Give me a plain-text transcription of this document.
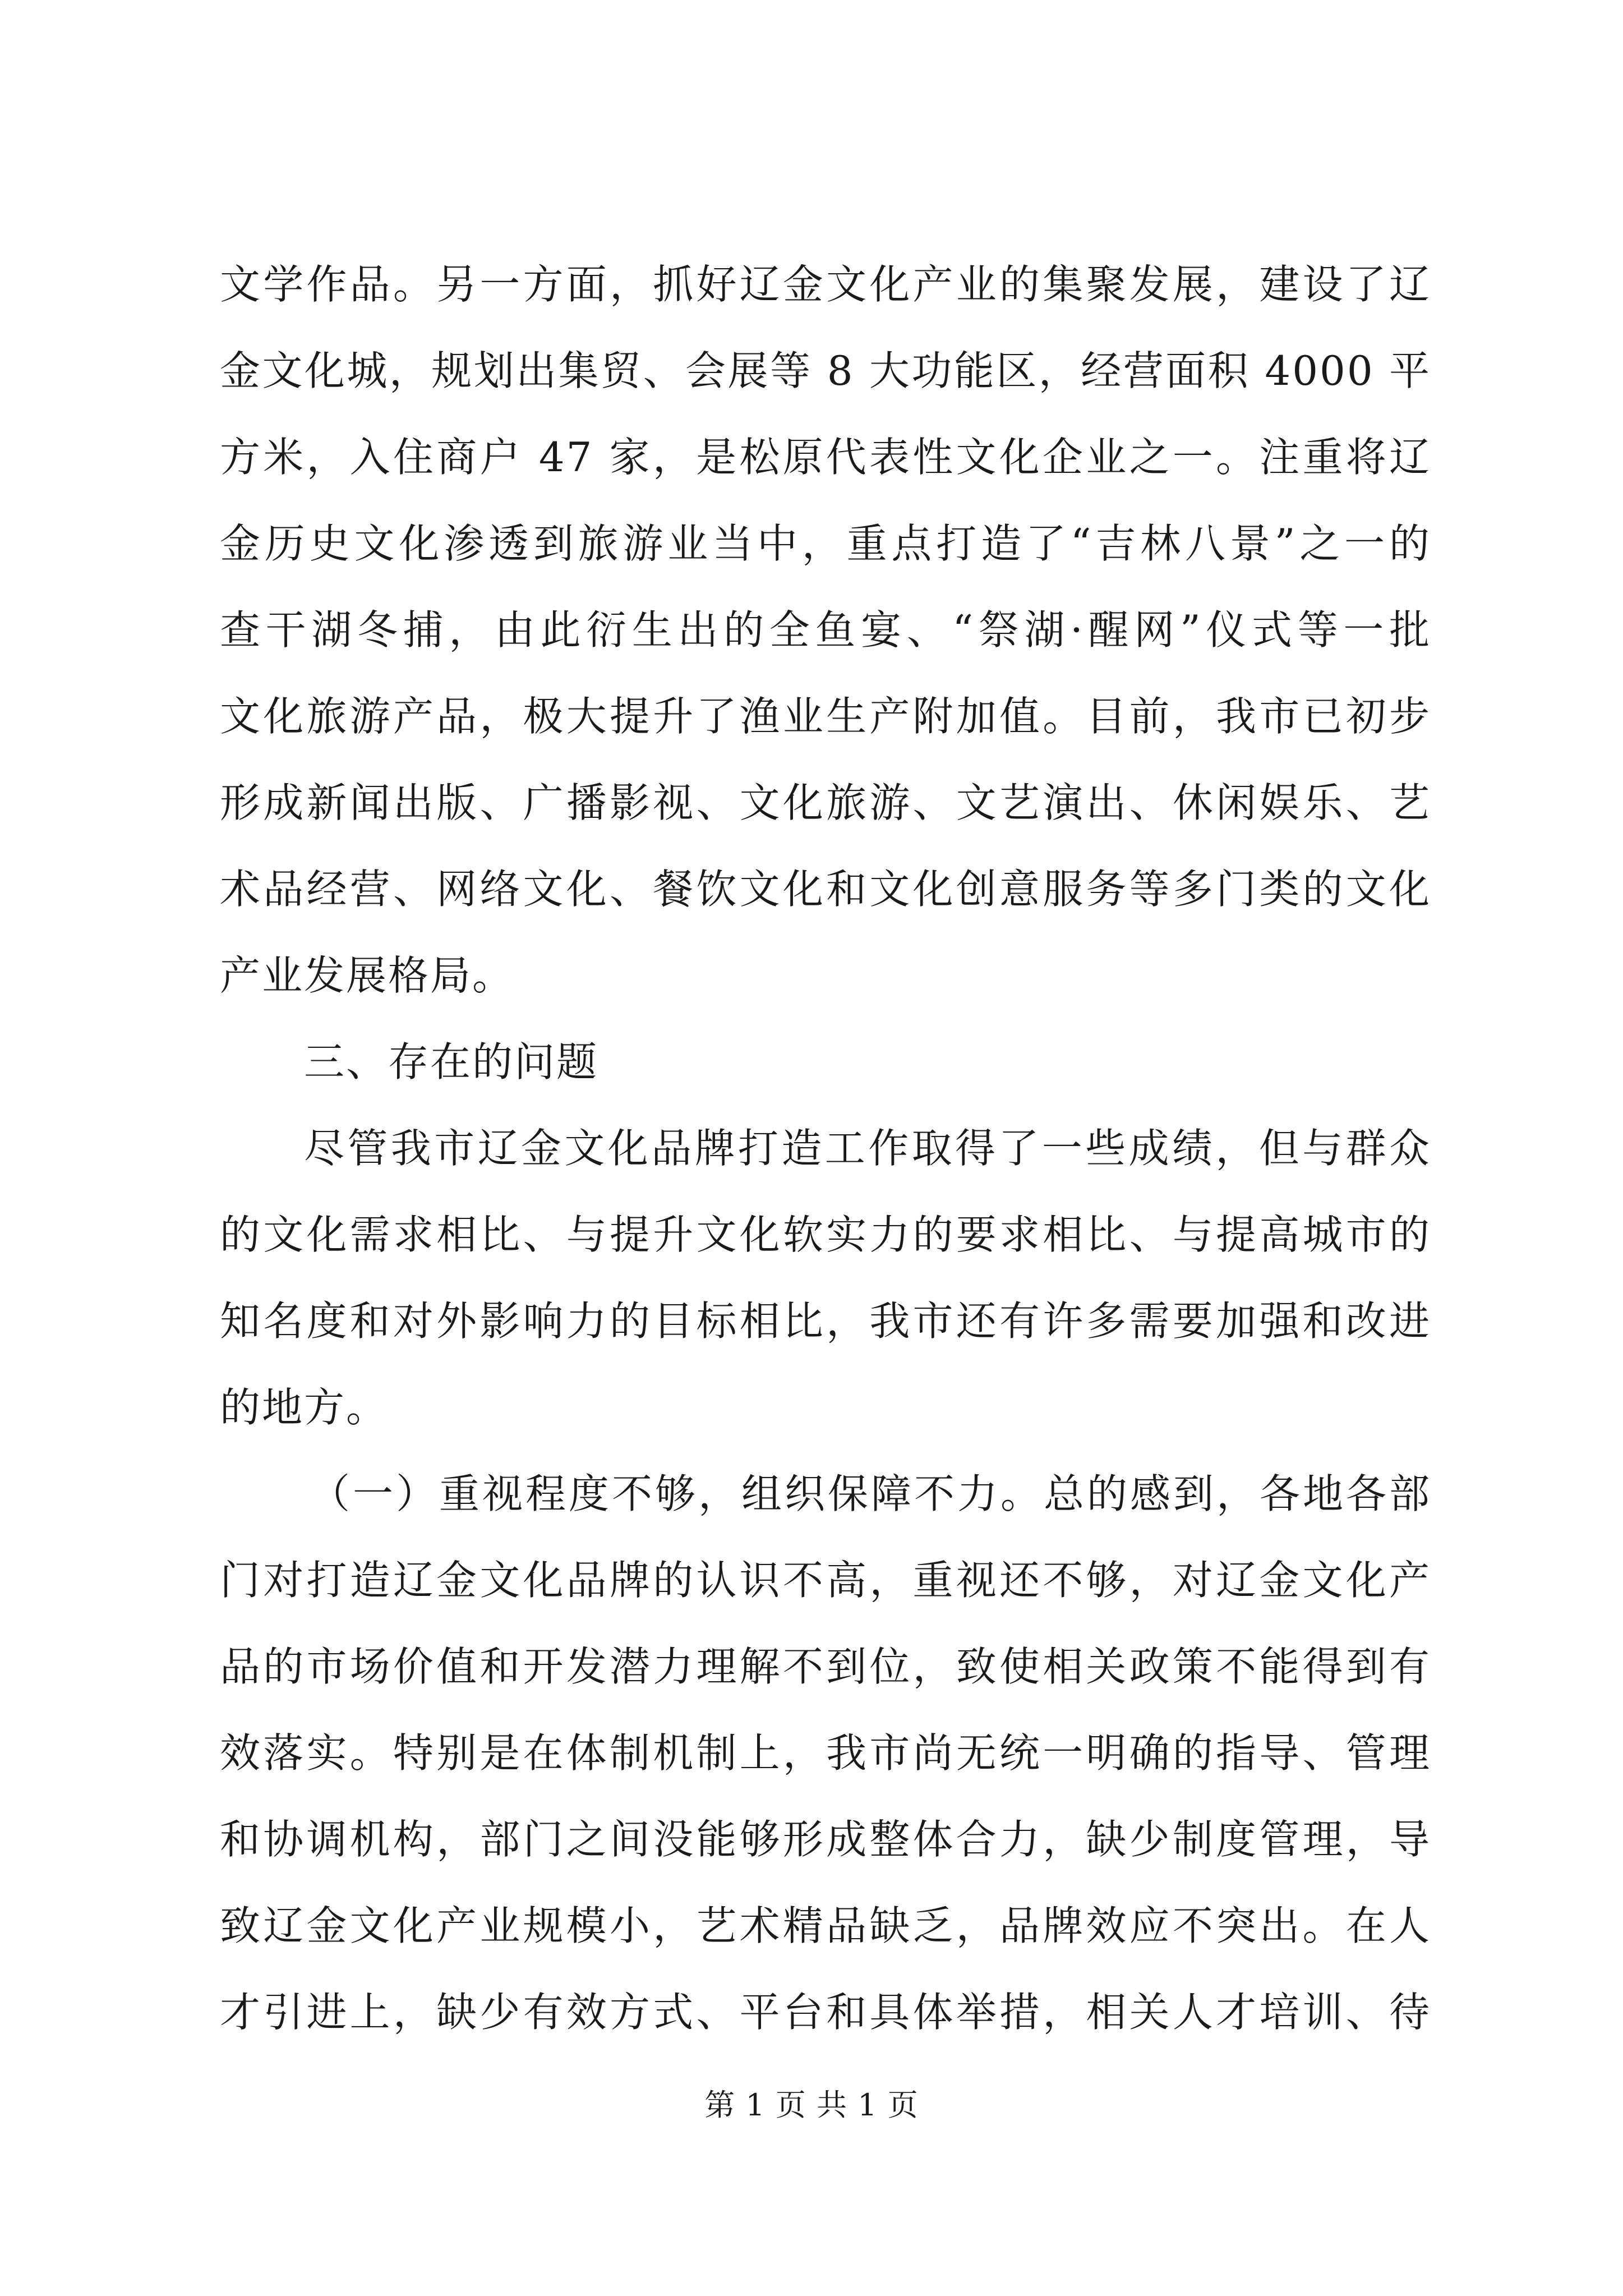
文学作品。另一方面，抓好辽金文化产业的集聚发展，建设了辽
金文化城，规划出集贸、会展等 8 大功能区，经营面积 4000 平
方米，入住商户 47 家，是松原代表性文化企业之一。注重将辽
金历史文化渗透到旅游业当中，重点打造了“吉林八景”之一的
查干湖冬捕，由此衍生出的全鱼宴、“祭湖·醒网”仪式等一批
文化旅游产品，极大提升了渔业生产附加值。目前，我市已初步
形成新闻出版、广播影视、文化旅游、文艺演出、休闲娱乐、艺
术品经营、网络文化、餐饮文化和文化创意服务等多门类的文化
产业发展格局。
三、存在的问题
尽管我市辽金文化品牌打造工作取得了一些成绩，但与群众
的文化需求相比、与提升文化软实力的要求相比、与提高城市的
知名度和对外影响力的目标相比，我市还有许多需要加强和改进
的地方。
（一）重视程度不够，组织保障不力。总的感到，各地各部
门对打造辽金文化品牌的认识不高，重视还不够，对辽金文化产
品的市场价值和开发潜力理解不到位，致使相关政策不能得到有
效落实。特别是在体制机制上，我市尚无统一明确的指导、管理
和协调机构，部门之间没能够形成整体合力，缺少制度管理，导
致辽金文化产业规模小，艺术精品缺乏，品牌效应不突出。在人
才引进上，缺少有效方式、平台和具体举措，相关人才培训、待
第 1 页 共 1 页
